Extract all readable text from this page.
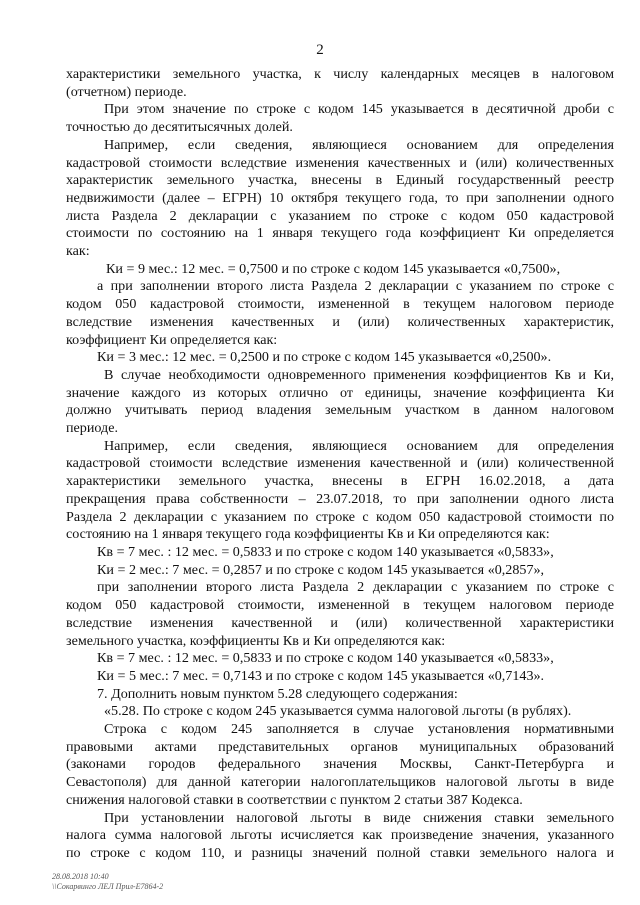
2
характеристики земельного участка, к числу календарных месяцев в налоговом
(отчетном) периоде.
При этом значение по строке с кодом 145 указывается в десятичной дроби с
точностью до десятитысячных долей.
Например, если сведения, являющиеся основанием для определения
кадастровой стоимости вследствие изменения качественных и (или) количественных
характеристик земельного участка, внесены в Единый государственный реестр
недвижимости (далее – ЕГРН) 10 октября текущего года, то при заполнении одного
листа Раздела 2 декларации с указанием по строке с кодом 050 кадастровой
стоимости по состоянию на 1 января текущего года коэффициент Ки определяется
как:
Ки = 9 мес.: 12 мес. = 0,7500 и по строке с кодом 145 указывается «0,7500»,
а при заполнении второго листа Раздела 2 декларации с указанием по строке с
кодом 050 кадастровой стоимости, измененной в текущем налоговом периоде
вследствие изменения качественных и (или) количественных характеристик,
коэффициент Ки определяется как:
Ки = 3 мес.: 12 мес. = 0,2500 и по строке с кодом 145 указывается «0,2500».
В случае необходимости одновременного применения коэффициентов Кв и Ки,
значение каждого из которых отлично от единицы, значение коэффициента Ки
должно учитывать период владения земельным участком в данном налоговом
периоде.
Например, если сведения, являющиеся основанием для определения
кадастровой стоимости вследствие изменения качественной и (или) количественной
характеристики земельного участка, внесены в ЕГРН 16.02.2018, а дата
прекращения права собственности – 23.07.2018, то при заполнении одного листа
Раздела 2 декларации с указанием по строке с кодом 050 кадастровой стоимости по
состоянию на 1 января текущего года коэффициенты Кв и Ки определяются как:
Кв = 7 мес. : 12 мес. = 0,5833 и по строке с кодом 140 указывается «0,5833»,
Ки = 2 мес.: 7 мес. = 0,2857 и по строке с кодом 145 указывается «0,2857»,
при заполнении второго листа Раздела 2 декларации с указанием по строке с
кодом 050 кадастровой стоимости, измененной в текущем налоговом периоде
вследствие изменения качественной и (или) количественной характеристики
земельного участка, коэффициенты Кв и Ки определяются как:
Кв = 7 мес. : 12 мес. = 0,5833 и по строке с кодом 140 указывается «0,5833»,
Ки = 5 мес.: 7 мес. = 0,7143 и по строке с кодом 145 указывается «0,7143».
7. Дополнить новым пунктом 5.28 следующего содержания:
«5.28. По строке с кодом 245 указывается сумма налоговой льготы (в рублях).
Строка с кодом 245 заполняется в случае установления нормативными
правовыми актами представительных органов муниципальных образований
(законами городов федерального значения Москвы, Санкт-Петербурга и
Севастополя) для данной категории налогоплательщиков налоговой льготы в виде
снижения налоговой ставки в соответствии с пунктом 2 статьи 387 Кодекса.
При установлении налоговой льготы в виде снижения ставки земельного
налога сумма налоговой льготы исчисляется как произведение значения, указанного
по строке с кодом 110, и разницы значений полной ставки земельного налога и
28.08.2018 10:40
\\Сокарвинго ЛЕЛ Прил-Е7864-2
